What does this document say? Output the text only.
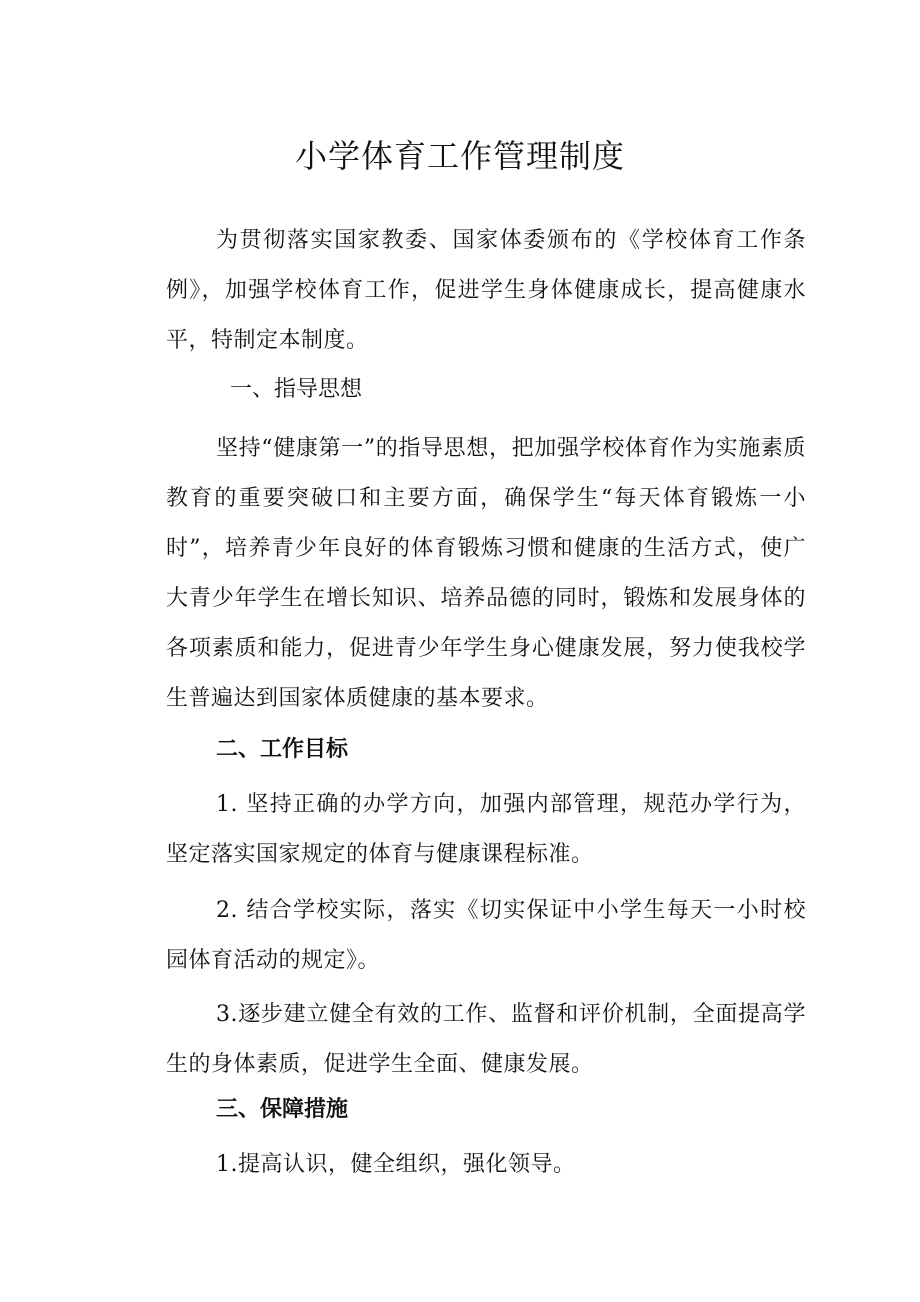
小学体育工作管理制度

为贯彻落实国家教委、国家体委颁布的《学校体育工作条例》，加强学校体育工作，促进学生身体健康成长，提高健康水平，特制定本制度。

一、指导思想

坚持“健康第一”的指导思想，把加强学校体育作为实施素质教育的重要突破口和主要方面，确保学生“每天体育锻炼一小时”，培养青少年良好的体育锻炼习惯和健康的生活方式，使广大青少年学生在增长知识、培养品德的同时，锻炼和发展身体的各项素质和能力，促进青少年学生身心健康发展，努力使我校学生普遍达到国家体质健康的基本要求。

二、工作目标

1. 坚持正确的办学方向，加强内部管理，规范办学行为，坚定落实国家规定的体育与健康课程标准。

2. 结合学校实际，落实《切实保证中小学生每天一小时校园体育活动的规定》。

3.逐步建立健全有效的工作、监督和评价机制，全面提高学生的身体素质，促进学生全面、健康发展。

三、保障措施

1.提高认识，健全组织，强化领导。
